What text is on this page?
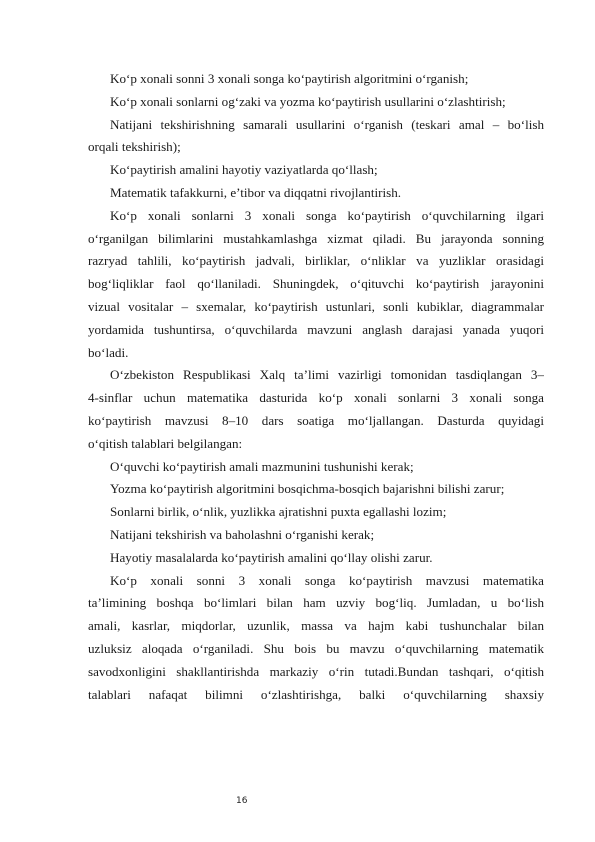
Ko‘p xonali sonni 3 xonali songa ko‘paytirish algoritmini o‘rganish;
Ko‘p xonali sonlarni og‘zaki va yozma ko‘paytirish usullarini o‘zlashtirish;
Natijani tekshirishning samarali usullarini o‘rganish (teskari amal – bo‘lish
orqali tekshirish);
Ko‘paytirish amalini hayotiy vaziyatlarda qo‘llash;
Matematik tafakkurni, e’tibor va diqqatni rivojlantirish.
Ko‘p xonali sonlarni 3 xonali songa ko‘paytirish o‘quvchilarning ilgari
o‘rganilgan bilimlarini mustahkamlashga xizmat qiladi. Bu jarayonda sonning
razryad tahlili, ko‘paytirish jadvali, birliklar, o‘nliklar va yuzliklar orasidagi
bog‘liqliklar faol qo‘llaniladi. Shuningdek, o‘qituvchi ko‘paytirish jarayonini
vizual vositalar – sxemalar, ko‘paytirish ustunlari, sonli kubiklar, diagrammalar
yordamida tushuntirsa, o‘quvchilarda mavzuni anglash darajasi yanada yuqori
bo‘ladi.
O‘zbekiston Respublikasi Xalq ta’limi vazirligi tomonidan tasdiqlangan 3–
4-sinflar uchun matematika dasturida ko‘p xonali sonlarni 3 xonali songa
ko‘paytirish mavzusi 8–10 dars soatiga mo‘ljallangan. Dasturda quyidagi
o‘qitish talablari belgilangan:
O‘quvchi ko‘paytirish amali mazmunini tushunishi kerak;
Yozma ko‘paytirish algoritmini bosqichma-bosqich bajarishni bilishi zarur;
Sonlarni birlik, o‘nlik, yuzlikka ajratishni puxta egallashi lozim;
Natijani tekshirish va baholashni o‘rganishi kerak;
Hayotiy masalalarda ko‘paytirish amalini qo‘llay olishi zarur.
Ko‘p xonali sonni 3 xonali songa ko‘paytirish mavzusi matematika
ta’limining boshqa bo‘limlari bilan ham uzviy bog‘liq. Jumladan, u bo‘lish
amali, kasrlar, miqdorlar, uzunlik, massa va hajm kabi tushunchalar bilan
uzluksiz aloqada o‘rganiladi. Shu bois bu mavzu o‘quvchilarning matematik
savodxonligini shakllantirishda markaziy o‘rin tutadi.Bundan tashqari, o‘qitish
talablari nafaqat bilimni o‘zlashtirishga, balki o‘quvchilarning shaxsiy
16
